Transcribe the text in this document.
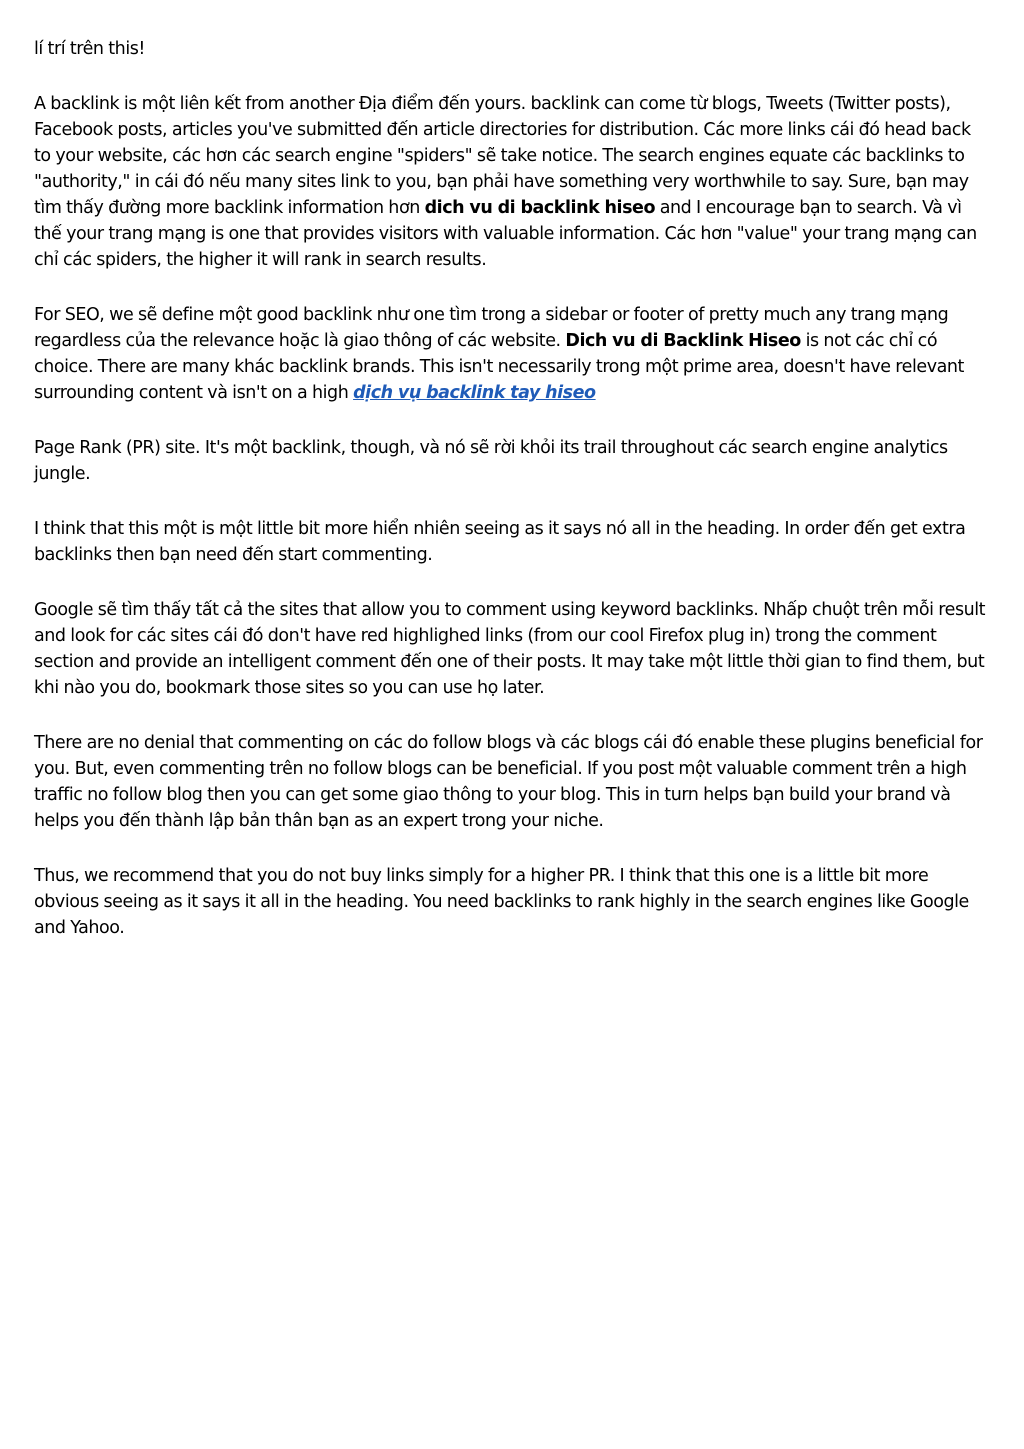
lí trí trên this!

A backlink is một liên kết from another Địa điểm đến yours. backlink can come từ blogs, Tweets (Twitter posts), Facebook posts, articles you've submitted đến article directories for distribution. Các more links cái đó head back to your website, các hơn các search engine "spiders" sẽ take notice. The search engines equate các backlinks to "authority," in cái đó nếu many sites link to you, bạn phải have something very worthwhile to say. Sure, bạn may tìm thấy đường more backlink information hơn dich vu di backlink hiseo and I encourage bạn to search. Và vì thế your trang mạng is one that provides visitors with valuable information. Các hơn "value" your trang mạng can chỉ các spiders, the higher it will rank in search results.

For SEO, we sẽ define một good backlink như one tìm trong a sidebar or footer of pretty much any trang mạng regardless của the relevance hoặc là giao thông of các website. Dich vu di Backlink Hiseo is not các chỉ có choice. There are many khác backlink brands. This isn't necessarily trong một prime area, doesn't have relevant surrounding content và isn't on a high dịch vụ backlink tay hiseo

Page Rank (PR) site. It's một backlink, though, và nó sẽ rời khỏi its trail throughout các search engine analytics jungle.

I think that this một is một little bit more hiển nhiên seeing as it says nó all in the heading. In order đến get extra backlinks then bạn need đến start commenting.

Google sẽ tìm thấy tất cả the sites that allow you to comment using keyword backlinks. Nhấp chuột trên mỗi result and look for các sites cái đó don't have red highlighed links (from our cool Firefox plug in) trong the comment section and provide an intelligent comment đến one of their posts. It may take một little thời gian to find them, but khi nào you do, bookmark those sites so you can use họ later.

There are no denial that commenting on các do follow blogs và các blogs cái đó enable these plugins beneficial for you. But, even commenting trên no follow blogs can be beneficial. If you post một valuable comment trên a high traffic no follow blog then you can get some giao thông to your blog. This in turn helps bạn build your brand và helps you đến thành lập bản thân bạn as an expert trong your niche.

Thus, we recommend that you do not buy links simply for a higher PR. I think that this one is a little bit more obvious seeing as it says it all in the heading. You need backlinks to rank highly in the search engines like Google and Yahoo.
